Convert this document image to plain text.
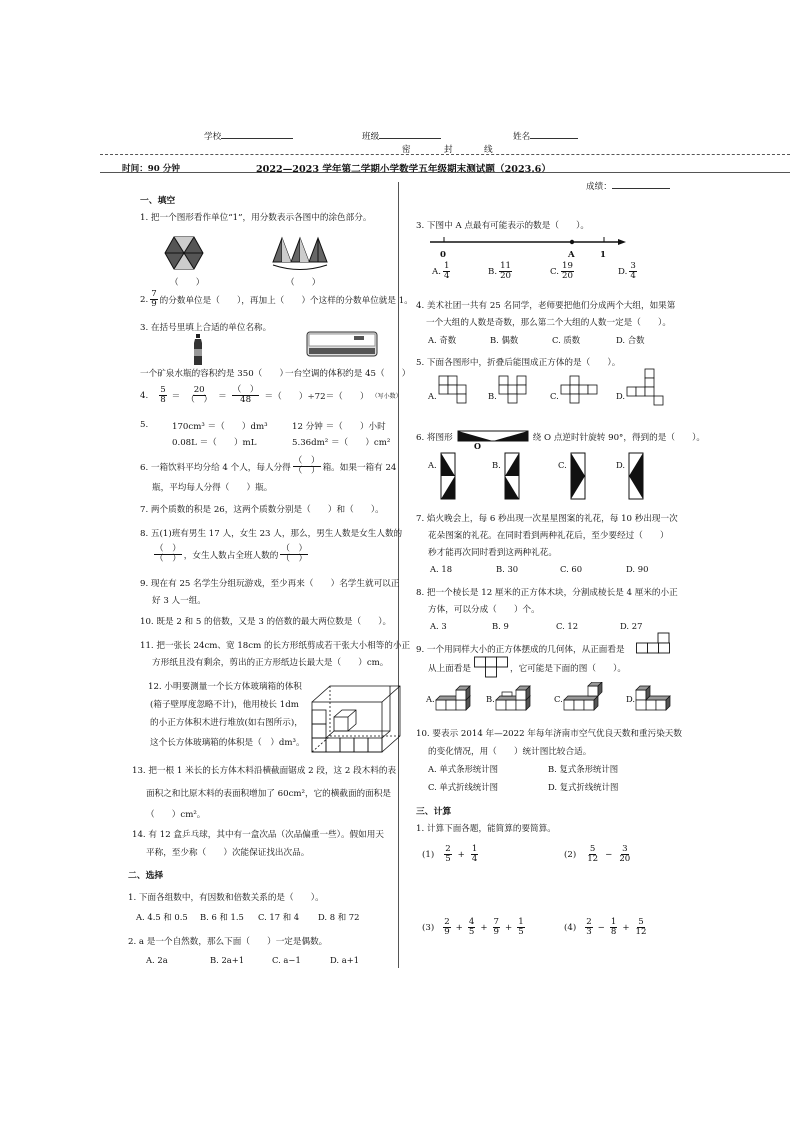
学校	班级	姓名
密	封	线
时间：90 分钟	2022—2023 学年第二学期小学数学五年级期末测试题（2023.6）
成绩：
一、填空
1. 把一个图形看作单位“1”，用分数表示各图中的涂色部分。
（　　）	（　　）
2. $\frac{7}{9}$ 的分数单位是（　　），再加上（　　）个这样的分数单位就是 1。
3. 在括号里填上合适的单位名称。
一个矿泉水瓶的容积约是 350（　　）
一台空调的体积约是 45（　　）
4. $\frac{5}{8} = \frac{20}{( )} = \frac{( )}{48}$ ＝（　　）÷72＝（　　） （写小数）
5.	170cm³ ＝（　　）dm³	12 分钟 ＝（　　）小时
0.08L ＝（　　）mL	5.36dm² ＝（　　）cm²
6. 一箱饮料平均分给 4 个人，每人分得 $\frac{( )}{( )}$ 箱。如果一箱有 24
瓶，平均每人分得（　　）瓶。
7. 两个质数的积是 26，这两个质数分别是（　　）和（　　）。
8. 五(1)班有男生 17 人，女生 23 人，那么，男生人数是女生人数的
$\frac{( )}{( )}$ ，女生人数占全班人数的 $\frac{( )}{( )}$
9. 现在有 25 名学生分组玩游戏，至少再来（　　）名学生就可以正
好 3 人一组。
10. 既是 2 和 5 的倍数，又是 3 的倍数的最大两位数是（　　）。
11. 把一张长 24cm、宽 18cm 的长方形纸剪成若干张大小相等的小正
方形纸且没有剩余，剪出的正方形纸边长最大是（　　）cm。
12. 小明要测量一个长方体玻璃箱的体积
(箱子壁厚度忽略不计)，他用棱长 1dm
的小正方体积木进行堆放(如右图所示)，
这个长方体玻璃箱的体积是（　）dm³。
13. 把一根 1 米长的长方体木料沿横截面锯成 2 段，这 2 段木料的表
面积之和比原木料的表面积增加了 60cm²，它的横截面的面积是
（　　）cm²。
14. 有 12 盒乒乓球，其中有一盒次品（次品偏重一些）。假如用天
平称，至少称（　　）次能保证找出次品。
二、选择
1. 下面各组数中，有因数和倍数关系的是（　　）。
A. 4.5 和 0.5 B. 6 和 1.5 C. 17 和 4 D. 8 和 72
2. a 是一个自然数，那么下面（　　）一定是偶数。
A. 2a	B. 2a+1	C. a−1	D. a+1
3. 下图中 A 点最有可能表示的数是（　　）。
0	A	1
A. $\frac{1}{4}$	B. $\frac{11}{20}$	C. $\frac{19}{20}$	D. $\frac{3}{4}$
4. 美术社团一共有 25 名同学，老师要把他们分成两个大组，如果第
一个大组的人数是奇数，那么第二个大组的人数一定是（　　）。
A. 奇数	B. 偶数	C. 质数	D. 合数
5. 下面各图形中，折叠后能围成正方体的是（　　）。
A.	B.	C.	D.
6. 将图形	绕 O 点逆时针旋转 90°，得到的是（　　）。
O
A.	B.	C.	D.
7. 焰火晚会上，每 6 秒出现一次星星图案的礼花，每 10 秒出现一次
花朵图案的礼花。在同时看到两种礼花后，至少要经过（　　）
秒才能再次同时看到这两种礼花。
A. 18	B. 30	C. 60	D. 90
8. 把一个棱长是 12 厘米的正方体木块，分割成棱长是 4 厘米的小正
方体，可以分成（　　）个。
A. 3	B. 9	C. 12	D. 27
9. 一个用同样大小的正方体摆成的几何体，从正面看是
从上面看是	，它可能是下面的图（　　）。
A.	B.	C.	D.
10. 要表示 2014 年—2022 年每年济南市空气优良天数和重污染天数
的变化情况，用（　　）统计图比较合适。
A. 单式条形统计图	B. 复式条形统计图
C. 单式折线统计图	D. 复式折线统计图
三、计算
1. 计算下面各题，能简算的要简算。
$(1) \frac{2}{5} + \frac{1}{4}$	$(2) \frac{5}{12} - \frac{3}{20}$
$(3) \frac{2}{9} + \frac{4}{5} + \frac{7}{9} + \frac{1}{5}$	$(4) \frac{2}{3} - \frac{1}{8} + \frac{5}{12}$
